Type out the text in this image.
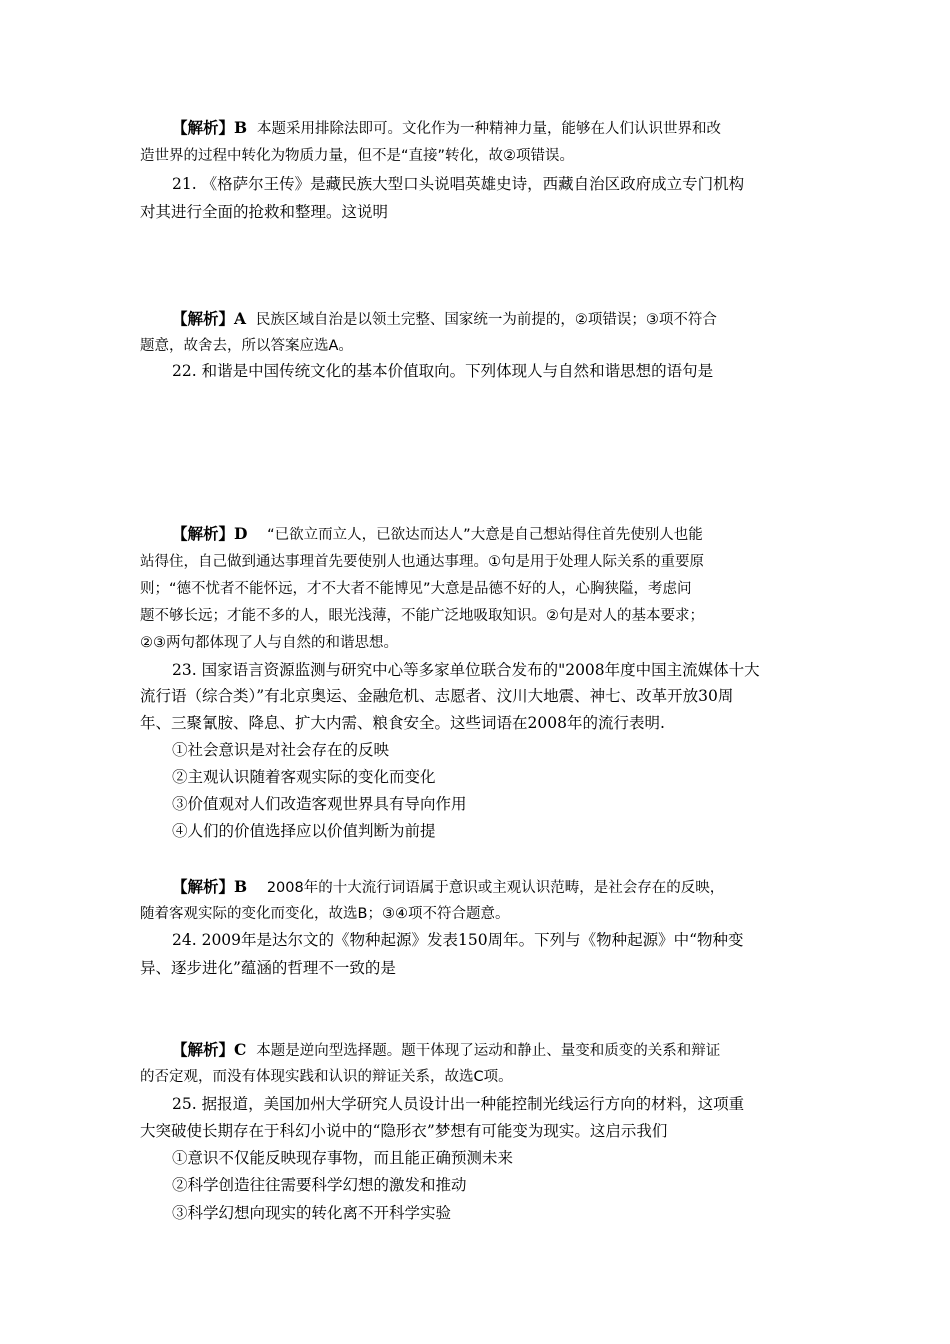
【解析】B 本题采用排除法即可。文化作为一种精神力量，能够在人们认识世界和改
造世界的过程中转化为物质力量，但不是“直接”转化，故②项错误。
21. 《格萨尔王传》是藏民族大型口头说唱英雄史诗，西藏自治区政府成立专门机构
对其进行全面的抢救和整理。这说明
【解析】A 民族区域自治是以领土完整、国家统一为前提的，②项错误；③项不符合
题意，故舍去，所以答案应选A。
22. 和谐是中国传统文化的基本价值取向。下列体现人与自然和谐思想的语句是
【解析】D “已欲立而立人，已欲达而达人”大意是自己想站得住首先使别人也能
站得住，自己做到通达事理首先要使别人也通达事理。①句是用于处理人际关系的重要原
则；“德不忧者不能怀远，才不大者不能博见”大意是品德不好的人，心胸狭隘，考虑问
题不够长远；才能不多的人，眼光浅薄，不能广泛地吸取知识。②句是对人的基本要求；
②③两句都体现了人与自然的和谐思想。
23. 国家语言资源监测与研究中心等多家单位联合发布的"2008年度中国主流媒体十大
流行语（综合类）”有北京奥运、金融危机、志愿者、汶川大地震、神七、改革开放30周
年、三聚氰胺、降息、扩大内需、粮食安全。这些词语在2008年的流行表明.
①社会意识是对社会存在的反映
②主观认识随着客观实际的变化而变化
③价值观对人们改造客观世界具有导向作用
④人们的价值选择应以价值判断为前提
【解析】B 2008年的十大流行词语属于意识或主观认识范畴，是社会存在的反映，
随着客观实际的变化而变化，故选B；③④项不符合题意。
24. 2009年是达尔文的《物种起源》发表150周年。下列与《物种起源》中“物种变
异、逐步进化”蕴涵的哲理不一致的是
【解析】C 本题是逆向型选择题。题干体现了运动和静止、量变和质变的关系和辩证
的否定观，而没有体现实践和认识的辩证关系，故选C项。
25. 据报道，美国加州大学研究人员设计出一种能控制光线运行方向的材料，这项重
大突破使长期存在于科幻小说中的“隐形衣”梦想有可能变为现实。这启示我们
①意识不仅能反映现存事物，而且能正确预测未来
②科学创造往往需要科学幻想的激发和推动
③科学幻想向现实的转化离不开科学实验
